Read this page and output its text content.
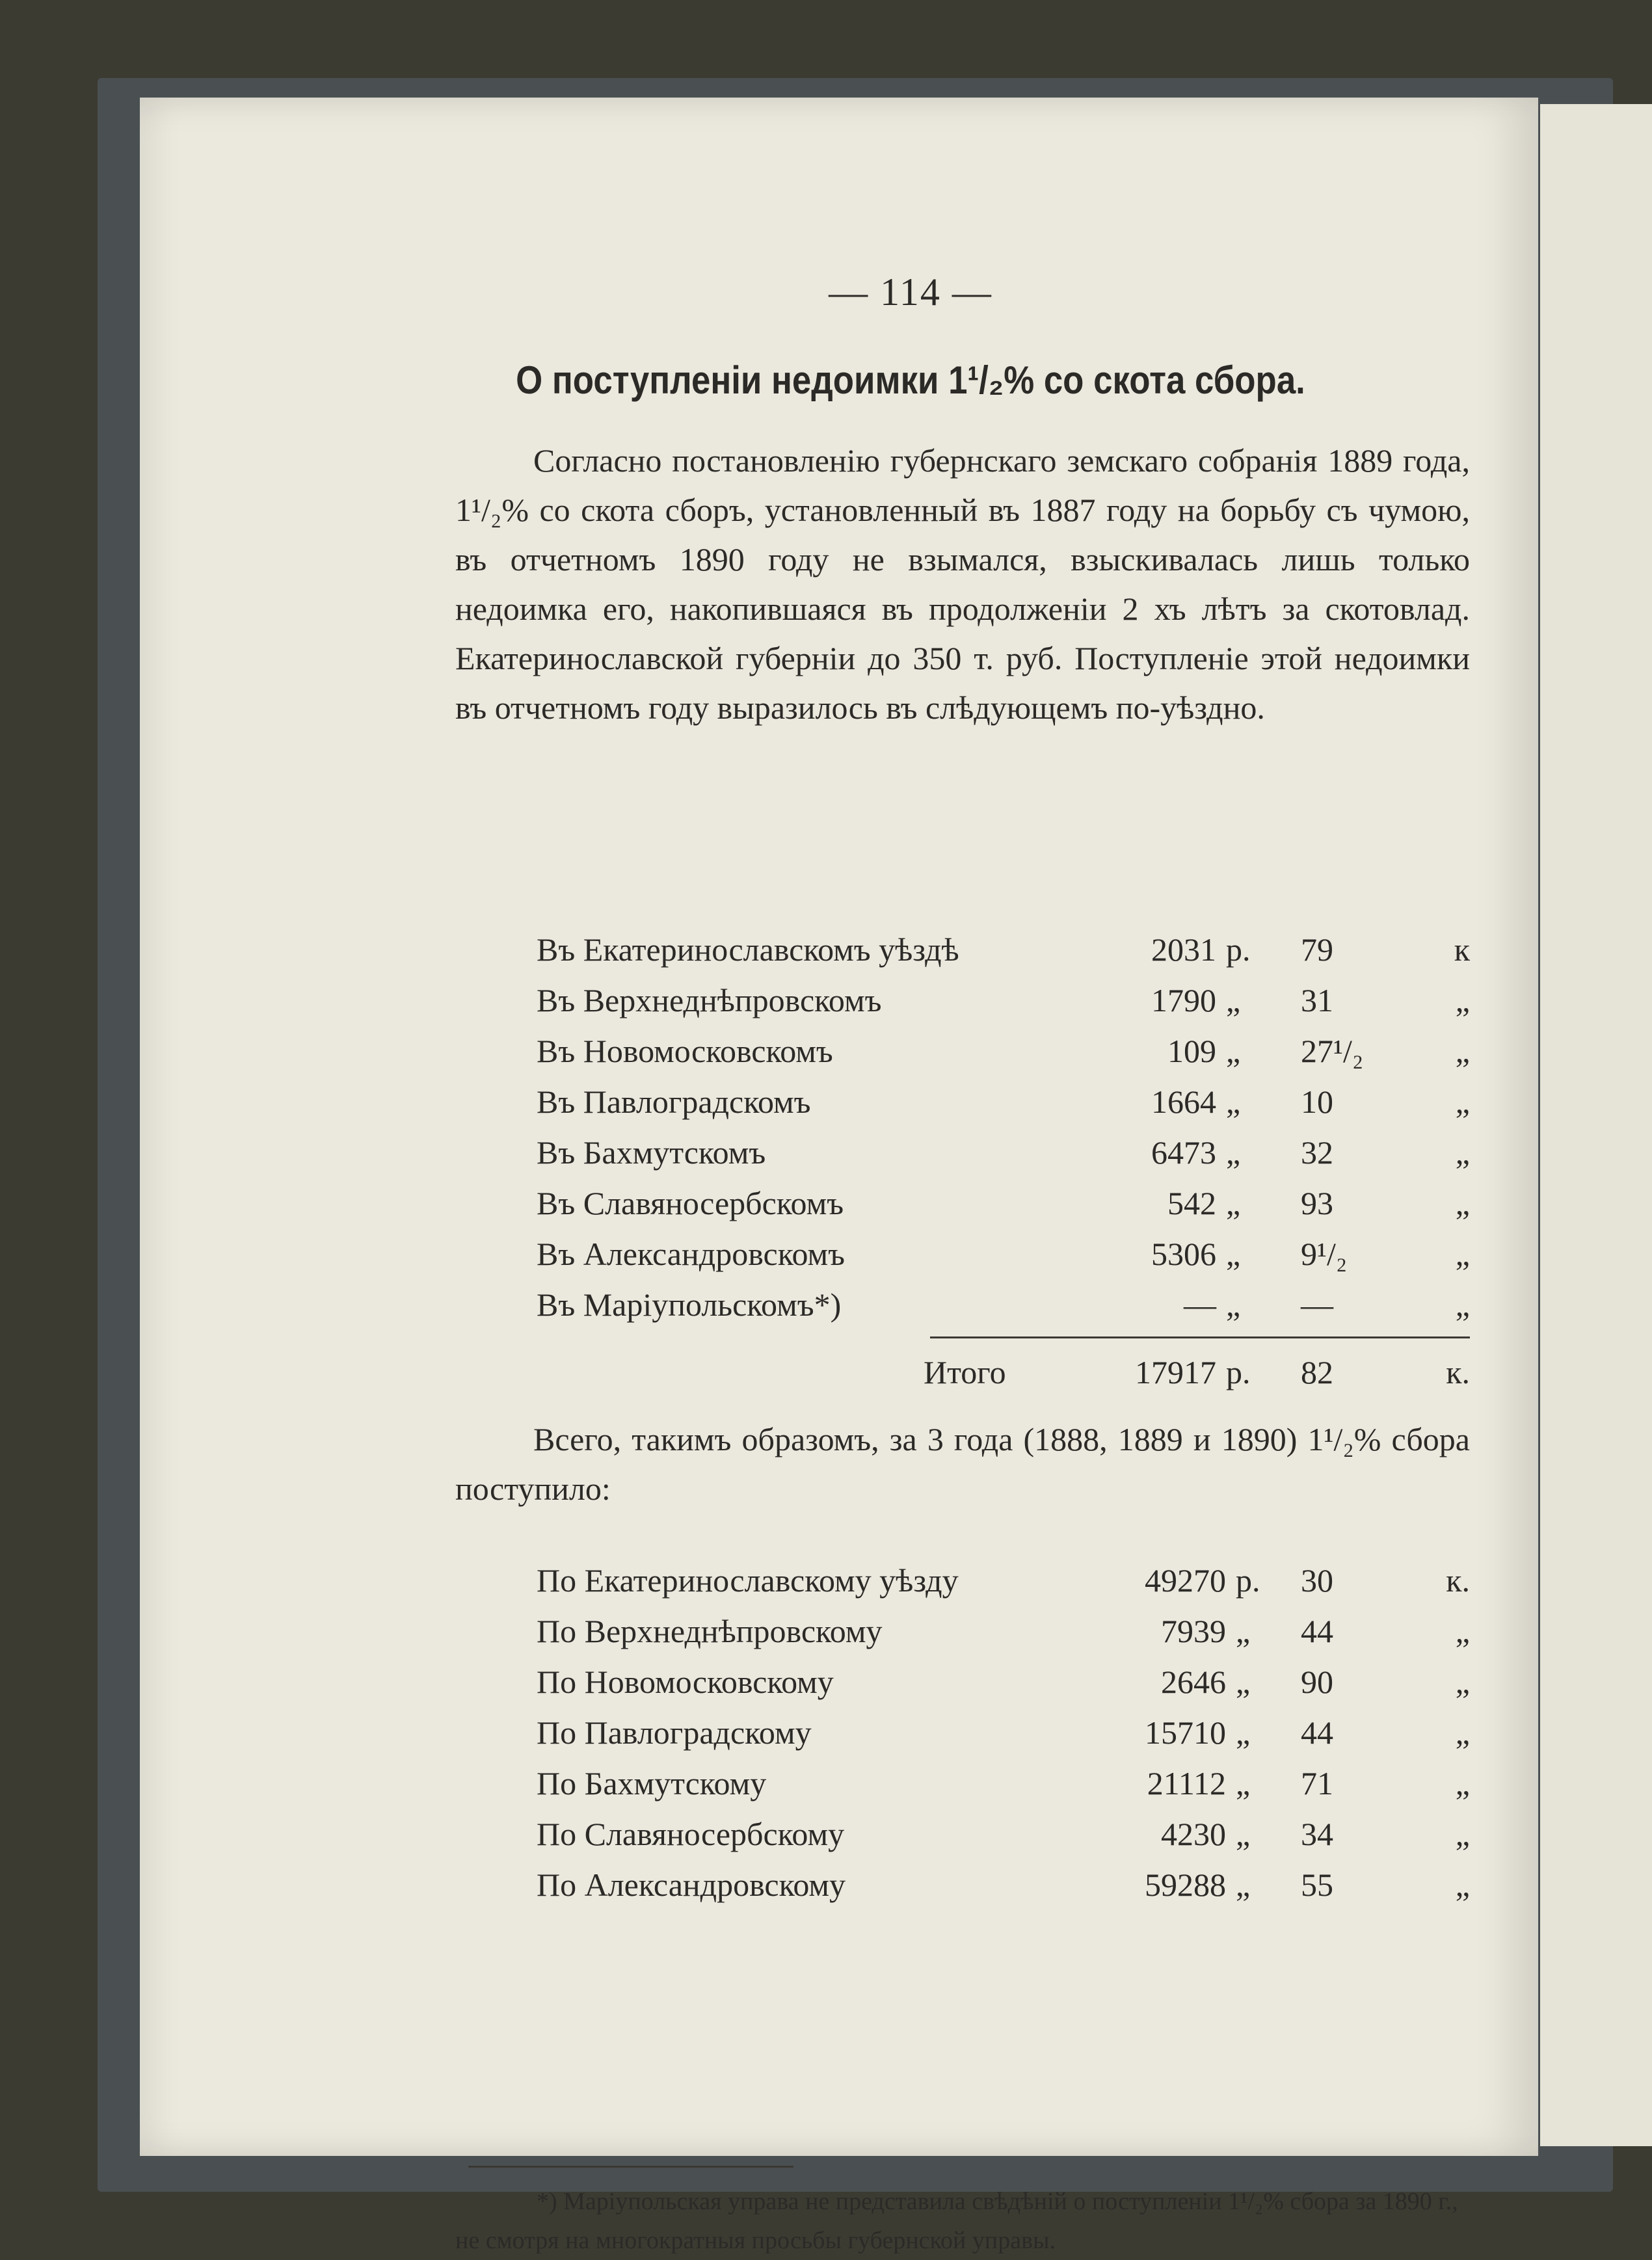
— 114 —
О поступленіи недоимки 1¹/₂% со скота сбора.

Согласно постановленію губернскаго земскаго собранія 1889 года, 1¹/₂% со скота сборъ, установленный въ 1887 году на борьбу съ чумою, въ отчетномъ 1890 году не взымался, взыскивалась лишь только недоимка его, накопившаяся въ продолженіи 2 хъ лѣтъ за скотовлад. Екатеринославской губерніи до 350 т. руб. Поступленіе этой недоимки въ отчетномъ году выразилось въ слѣдующемъ по-уѣздно.

Въ Екатеринославскомъ уѣздѣ	2031 р. 79	к
Въ Верхнеднѣпровскомъ	1790 „ 31	„
Въ Новомосковскомъ	109 „ 27¹/₂	„
Въ Павлоградскомъ	1664 „ 10	„
Въ Бахмутскомъ	6473 „ 32	„
Въ Славяносербскомъ	542 „ 93	„
Въ Александровскомъ	5306 „ 9¹/₂	„
Въ Маріупольскомъ*)	— „ —	„
Итого	17917 р. 82	к.
По Екатеринославскому уѣзду	49270 р. 30	к.
По Верхнеднѣпровскому	7939 „ 44	„
По Новомосковскому	2646 „ 90	„
По Павлоградскому	15710 „ 44	„
По Бахмутскому	21112 „ 71	„
По Славяносербскому	4230 „ 34	„
По Александровскому	59288 „ 55	„

Всего, такимъ образомъ, за 3 года (1888, 1889 и 1890) 1¹/₂% сбора поступило:

*) Маріупольская управа не представила свѣдѣній о поступленіи 1¹/₂% сбора за 1890 г., не смотря на многократныя просьбы губернской управы.
